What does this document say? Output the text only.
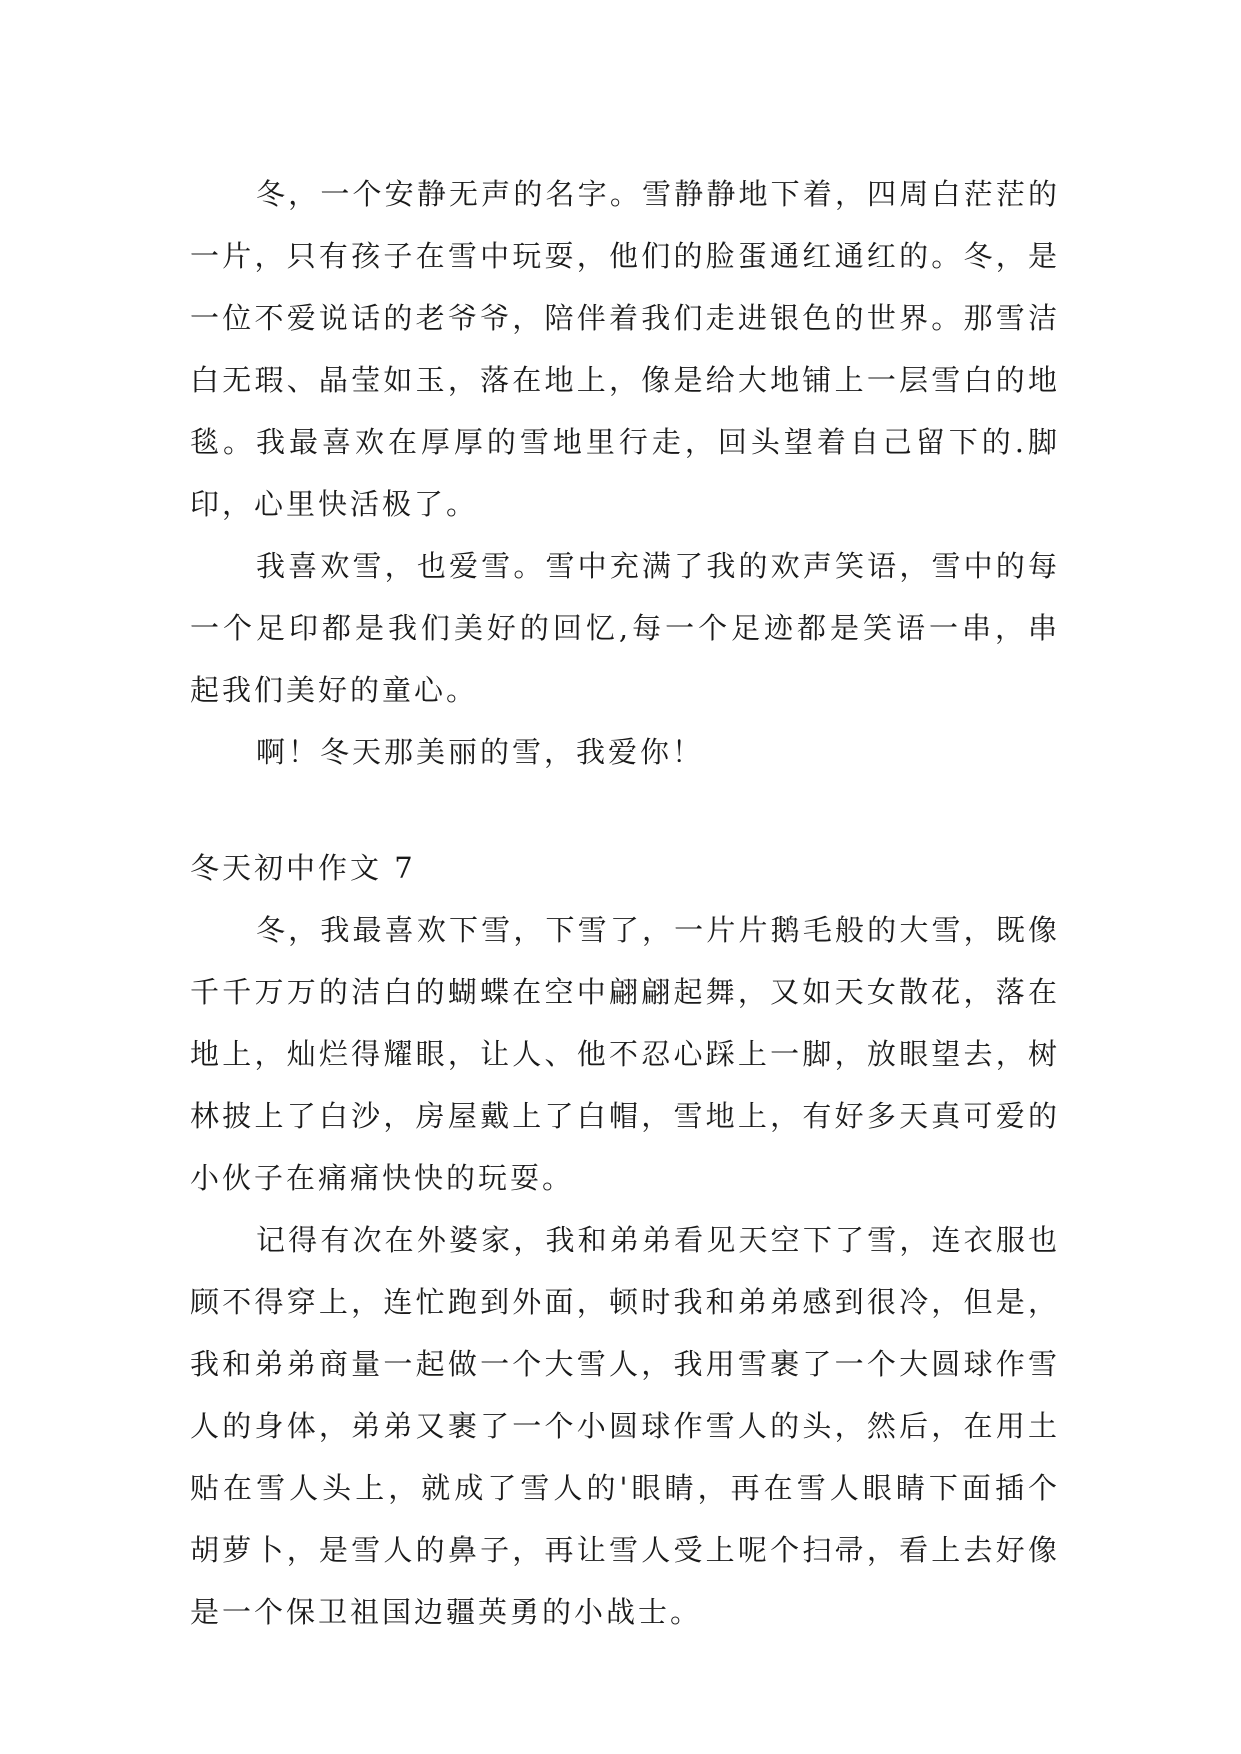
冬，一个安静无声的名字。雪静静地下着，四周白茫茫的一片，只有孩子在雪中玩耍，他们的脸蛋通红通红的。冬，是一位不爱说话的老爷爷，陪伴着我们走进银色的世界。那雪洁白无瑕、晶莹如玉，落在地上，像是给大地铺上一层雪白的地毯。我最喜欢在厚厚的雪地里行走，回头望着自己留下的.脚印，心里快活极了。

我喜欢雪，也爱雪。雪中充满了我的欢声笑语，雪中的每一个足印都是我们美好的回忆,每一个足迹都是笑语一串，串起我们美好的童心。

啊！冬天那美丽的雪，我爱你！

冬天初中作文 7

冬，我最喜欢下雪，下雪了，一片片鹅毛般的大雪，既像千千万万的洁白的蝴蝶在空中翩翩起舞，又如天女散花，落在地上，灿烂得耀眼，让人、他不忍心踩上一脚，放眼望去，树林披上了白沙，房屋戴上了白帽，雪地上，有好多天真可爱的小伙子在痛痛快快的玩耍。

记得有次在外婆家，我和弟弟看见天空下了雪，连衣服也顾不得穿上，连忙跑到外面，顿时我和弟弟感到很冷，但是，我和弟弟商量一起做一个大雪人，我用雪裹了一个大圆球作雪人的身体，弟弟又裹了一个小圆球作雪人的头，然后，在用土贴在雪人头上，就成了雪人的'眼睛，再在雪人眼睛下面插个胡萝卜，是雪人的鼻子，再让雪人受上呢个扫帚，看上去好像是一个保卫祖国边疆英勇的小战士。
